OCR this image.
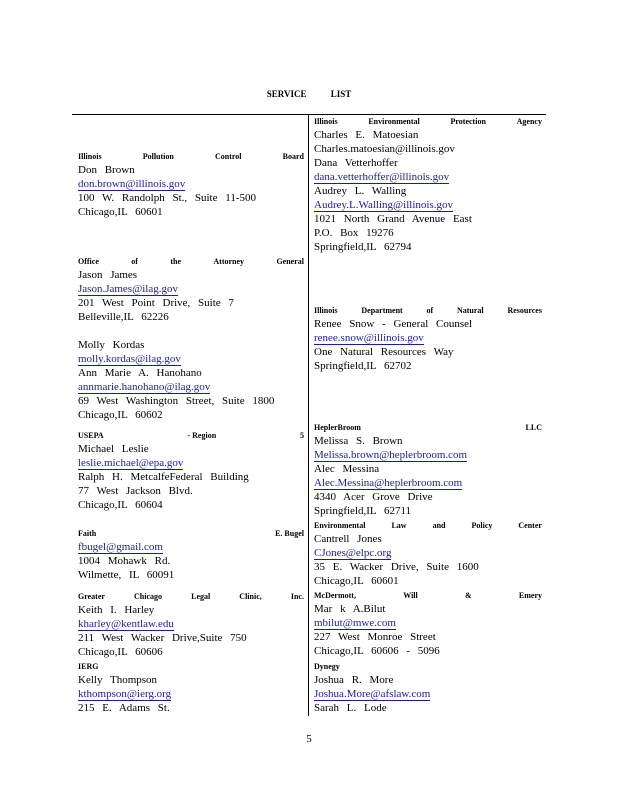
SERVICE LIST
Illinois	Pollution	Control	Board
Don Brown
don.brown@illinois.gov
100 W. Randolph St., Suite 11-500
Chicago,IL 60601
Office	of	the	Attorney	General
Jason James
Jason.James@ilag.gov
201 West Point Drive, Suite 7
Belleville,IL 62226
Molly Kordas
molly.kordas@ilag.gov
Ann Marie A. Hanohano
annmarie.hanohano@ilag.gov
69 West Washington Street, Suite 1800
Chicago,IL 60602
USEPA	- Region	5
Michael Leslie
leslie.michael@epa.gov
Ralph H. MetcalfeFederal Building
77 West Jackson Blvd.
Chicago,IL 60604
Faith	E. Bugel
fbugel@gmail.com
1004 Mohawk Rd.
Wilmette, IL 60091
Greater	Chicago	Legal	Clinic,	Inc.
Keith I. Harley
kharley@kentlaw.edu
211 West Wacker Drive,Suite 750
Chicago,IL 60606
IERG
Kelly Thompson
kthompson@ierg.org
215 E. Adams St.
Illinois	Environmental	Protection	Agency
Charles E. Matoesian
Charles.matoesian@illinois.gov
Dana Vetterhoffer
dana.vetterhoffer@illinois.gov
Audrey L. Walling
Audrey.L.Walling@illinois.gov
1021 North Grand Avenue East
P.O. Box 19276
Springfield,IL 62794
Illinois	Department	of	Natural	Resources
Renee Snow - General Counsel
renee.snow@illinois.gov
One Natural Resources Way
Springfield,IL 62702
HeplerBroom	LLC
Melissa S. Brown
Melissa.brown@heplerbroom.com
Alec Messina
Alec.Messina@heplerbroom.com
4340 Acer Grove Drive
Springfield,IL 62711
Environmental	Law	and	Policy	Center
Cantrell Jones
CJones@elpc.org
35 E. Wacker Drive, Suite 1600
Chicago,IL 60601
McDermott,	Will	&	Emery
Mar k A.Bilut
mbilut@mwe.com
227 West Monroe Street
Chicago,IL 60606 - 5096
Dynegy
Joshua R. More
Joshua.More@afslaw.com
Sarah L. Lode
5
